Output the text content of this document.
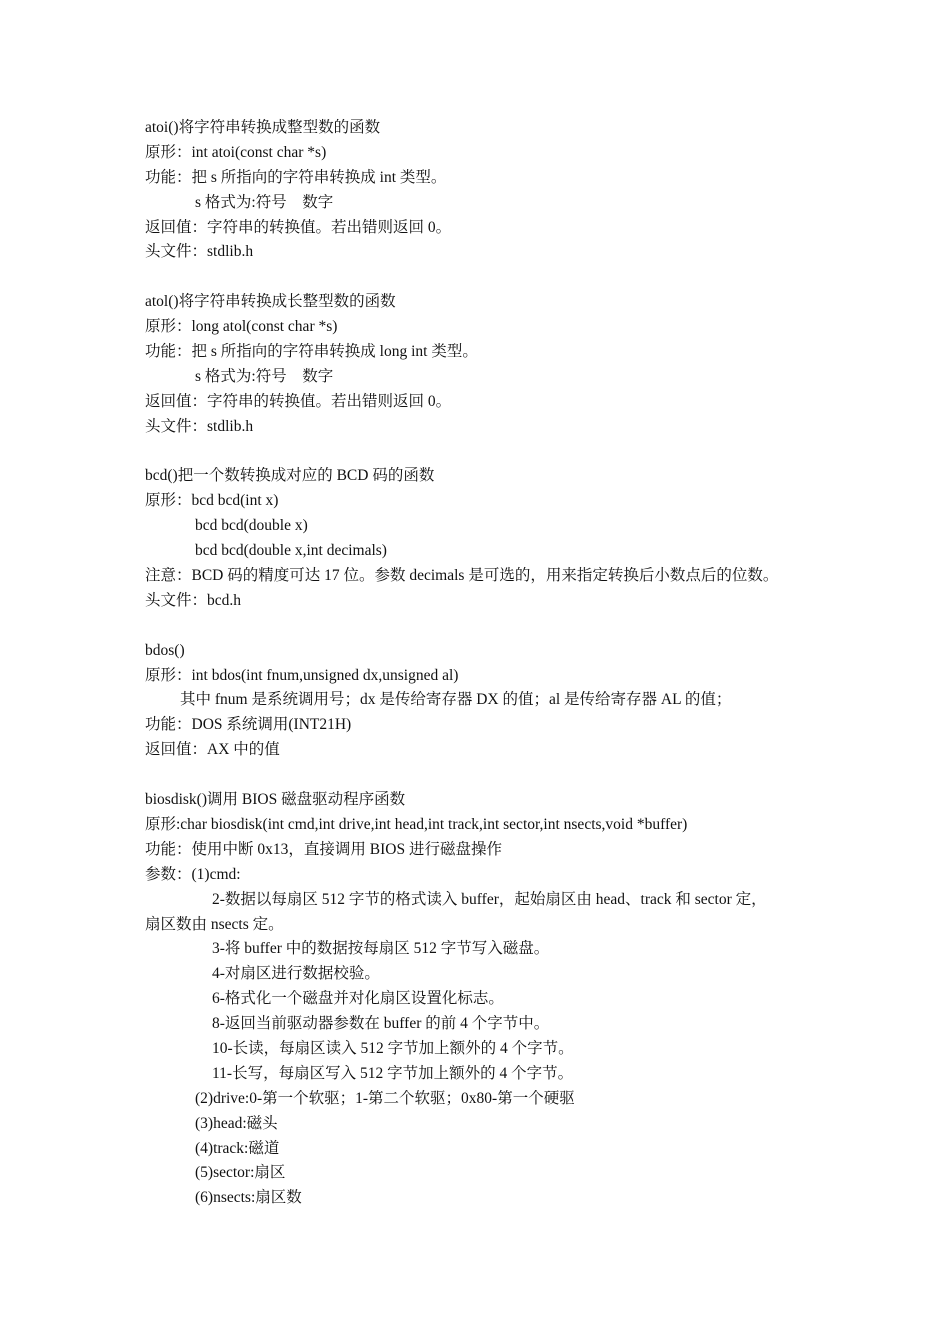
atoi()将字符串转换成整型数的函数
原形：int atoi(const char *s)
功能：把 s 所指向的字符串转换成 int 类型。
s 格式为:符号    数字
返回值：字符串的转换值。若出错则返回 0。
头文件：stdlib.h
atol()将字符串转换成长整型数的函数
原形：long atol(const char *s)
功能：把 s 所指向的字符串转换成 long int 类型。
s 格式为:符号    数字
返回值：字符串的转换值。若出错则返回 0。
头文件：stdlib.h
bcd()把一个数转换成对应的 BCD 码的函数
原形：bcd bcd(int x)
bcd bcd(double x)
bcd bcd(double x,int decimals)
注意：BCD 码的精度可达 17 位。参数 decimals 是可选的，用来指定转换后小数点后的位数。
头文件：bcd.h
bdos()
原形：int bdos(int fnum,unsigned dx,unsigned al)
其中 fnum 是系统调用号；dx 是传给寄存器 DX 的值；al 是传给寄存器 AL 的值；
功能：DOS 系统调用(INT21H)
返回值：AX 中的值
biosdisk()调用 BIOS 磁盘驱动程序函数
原形:char biosdisk(int cmd,int drive,int head,int track,int sector,int nsects,void *buffer)
功能：使用中断 0x13，直接调用 BIOS 进行磁盘操作
参数：(1)cmd:
2-数据以每扇区 512 字节的格式读入 buffer，起始扇区由 head、track 和 sector 定，
扇区数由 nsects 定。
3-将 buffer 中的数据按每扇区 512 字节写入磁盘。
4-对扇区进行数据校验。
6-格式化一个磁盘并对化扇区设置化标志。
8-返回当前驱动器参数在 buffer 的前 4 个字节中。
10-长读，每扇区读入 512 字节加上额外的 4 个字节。
11-长写，每扇区写入 512 字节加上额外的 4 个字节。
(2)drive:0-第一个软驱；1-第二个软驱；0x80-第一个硬驱
(3)head:磁头
(4)track:磁道
(5)sector:扇区
(6)nsects:扇区数
